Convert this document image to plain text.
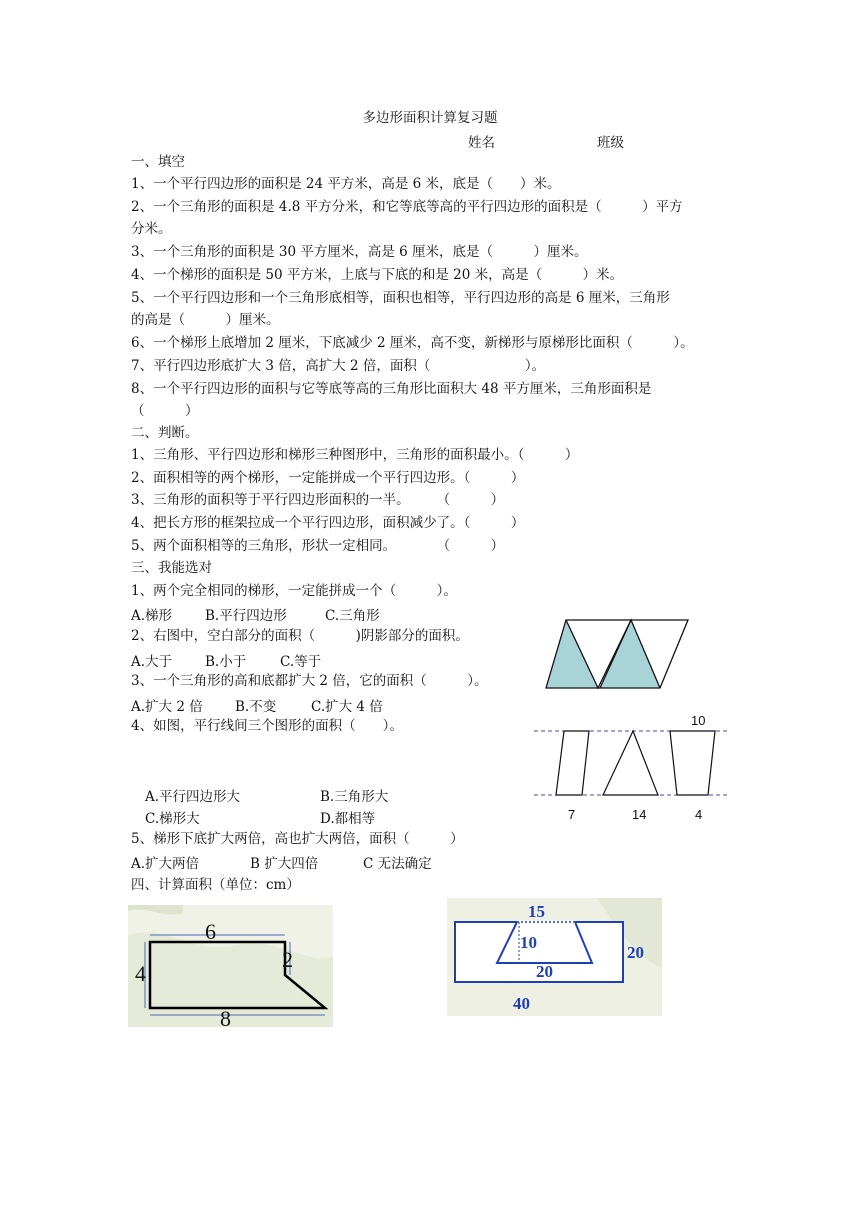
多边形面积计算复习题
姓名	班级
一、填空
1、一个平行四边形的面积是 24 平方米，高是 6 米，底是（　　）米。
2、一个三角形的面积是 4.8 平方分米，和它等底等高的平行四边形的面积是（　　　）平方
分米。
3、一个三角形的面积是 30 平方厘米，高是 6 厘米，底是（　　　）厘米。
4、一个梯形的面积是 50 平方米，上底与下底的和是 20 米，高是（　　　）米。
5、一个平行四边形和一个三角形底相等，面积也相等，平行四边形的高是 6 厘米，三角形
的高是（　　　）厘米。
6、一个梯形上底增加 2 厘米，下底减少 2 厘米，高不变，新梯形与原梯形比面积（　　　）。
7、平行四边形底扩大 3 倍，高扩大 2 倍，面积（　　　　　　　）。
8、一个平行四边形的面积与它等底等高的三角形比面积大 48 平方厘米，三角形面积是
（　　　）
二、判断。
1、三角形、平行四边形和梯形三种图形中，三角形的面积最小。（　　　）
2、面积相等的两个梯形，一定能拼成一个平行四边形。（　　　）
3、三角形的面积等于平行四边形面积的一半。　　　（　　　）
4、把长方形的框架拉成一个平行四边形，面积减少了。（　　　）
5、两个面积相等的三角形，形状一定相同。　　　　（　　　）
三、我能选对
1、两个完全相同的梯形，一定能拼成一个（　　　）。
A.梯形 B.平行四边形	C.三角形
2、右图中，空白部分的面积（　　　)阴影部分的面积。
A.大于 B.小于	C.等于
3、一个三角形的高和底都扩大 2 倍，它的面积（　　　）。
A.扩大 2 倍 B.不变	C.扩大 4 倍
4、如图，平行线间三个图形的面积（　　）。
A.平行四边形大	B.三角形大
C.梯形大	D.都相等
5、梯形下底扩大两倍，高也扩大两倍，面积（　　　）
A.扩大两倍	B 扩大四倍	C 无法确定
四、计算面积（单位：cm）
10
7	14	4
6
4
2
8
15
10
20
20
40
